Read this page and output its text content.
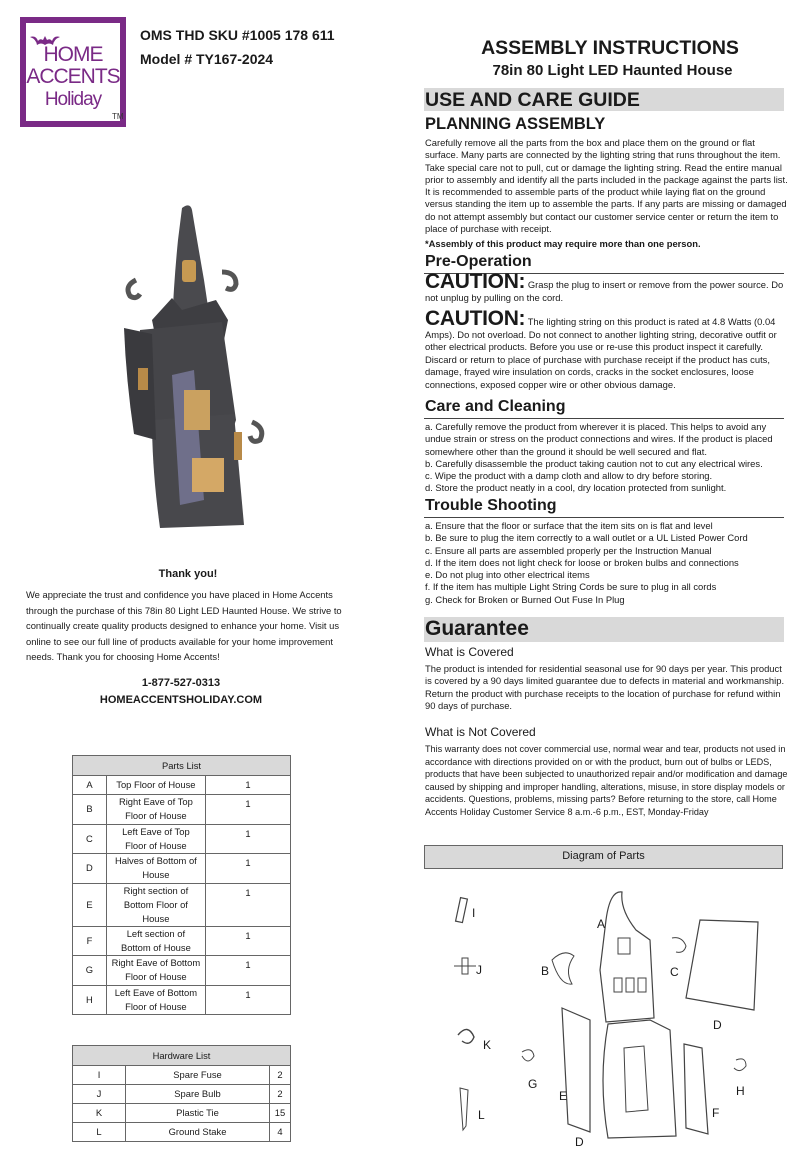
HOME
ACCENTS
Holiday
TM
OMS THD SKU #1005 178 611
Model # TY167-2024
Thank you!
We appreciate the trust and confidence you have placed in Home Accents through the purchase of this 78in 80 Light LED Haunted House. We strive to continually create quality products designed to enhance your home. Visit us online to see our full line of products available for your home improvement needs. Thank you for choosing Home Accents!
1-877-527-0313
HOMEACCENTSHOLIDAY.COM
Parts List		
A	Top Floor of House	1
B	Right Eave of Top Floor of House	1
C	Left Eave of Top Floor of House	1
D	Halves of Bottom of House	1
E	Right section of Bottom Floor of House	1
F	Left section of Bottom of House	1
G	Right Eave of Bottom Floor of House	1
H	Left Eave of Bottom Floor of House	1
Hardware List		
I	Spare Fuse	2
J	Spare Bulb	2
K	Plastic Tie	15
L	Ground Stake	4
ASSEMBLY INSTRUCTIONS
78in 80 Light LED Haunted House
USE AND CARE GUIDE
PLANNING ASSEMBLY
Carefully remove all the parts from the box and place them on the ground or flat surface. Many parts are connected by the lighting string that runs throughout the item. Take special care not to pull, cut or damage the lighting string. Read the entire manual prior to assembly and identify all the parts included in the package against the parts list. It is recommended to assemble parts of the product while laying flat on the ground versus standing the item up to assemble the parts. If any parts are missing or damaged do not attempt assembly but contact our customer service center or return the item to place of purchase with receipt.
*Assembly of this product may require more than one person.
Pre-Operation
CAUTION: Grasp the plug to insert or remove from the power source. Do not unplug by pulling on the cord.
CAUTION: The lighting string on this product is rated at 4.8 Watts (0.04 Amps). Do not overload. Do not connect to another lighting string, decorative outfit or other electrical products. Before you use or re-use this product inspect it carefully. Discard or return to place of purchase with purchase receipt if the product has cuts, damage, frayed wire insulation on cords, cracks in the socket enclosures, loose connections, exposed copper wire or other obvious damage.
Care and Cleaning
a. Carefully remove the product from wherever it is placed. This helps to avoid any undue strain or stress on the product connections and wires. If the product is placed somewhere other than the ground it should be well secured and flat.
b. Carefully disassemble the product taking caution not to cut any electrical wires.
c. Wipe the product with a damp cloth and allow to dry before storing.
d. Store the product neatly in a cool, dry location protected from sunlight.
Trouble Shooting
a. Ensure that the floor or surface that the item sits on is flat and level
b. Be sure to plug the item correctly to a wall outlet or a UL Listed Power Cord
c. Ensure all parts are assembled properly per the Instruction Manual
d. If the item does not light check for loose or broken bulbs and connections
e. Do not plug into other electrical items
f. If the item has multiple Light String Cords be sure to plug in all cords
g. Check for Broken or Burned Out Fuse In Plug
Guarantee
What is Covered
The product is intended for residential seasonal use for 90 days per year. This product is covered by a 90 days limited guarantee due to defects in material and workmanship. Return the product with purchase receipts to the location of purchase for refund within 90 days of purchase.
What is Not Covered
This warranty does not cover commercial use, normal wear and tear, products not used in accordance with directions provided on or with the product, burn out of bulbs or LEDS, products that have been subjected to unauthorized repair and/or modification and damage caused by shipping and improper handling, alterations, misuse, in store display models or accidents. Questions, problems, missing parts? Before returning to the store, call Home Accents Holiday Customer Service 8 a.m.-6 p.m., EST, Monday-Friday
Diagram of Parts
I
J
K
L
A
B	C
D
G
E	H
F
D
